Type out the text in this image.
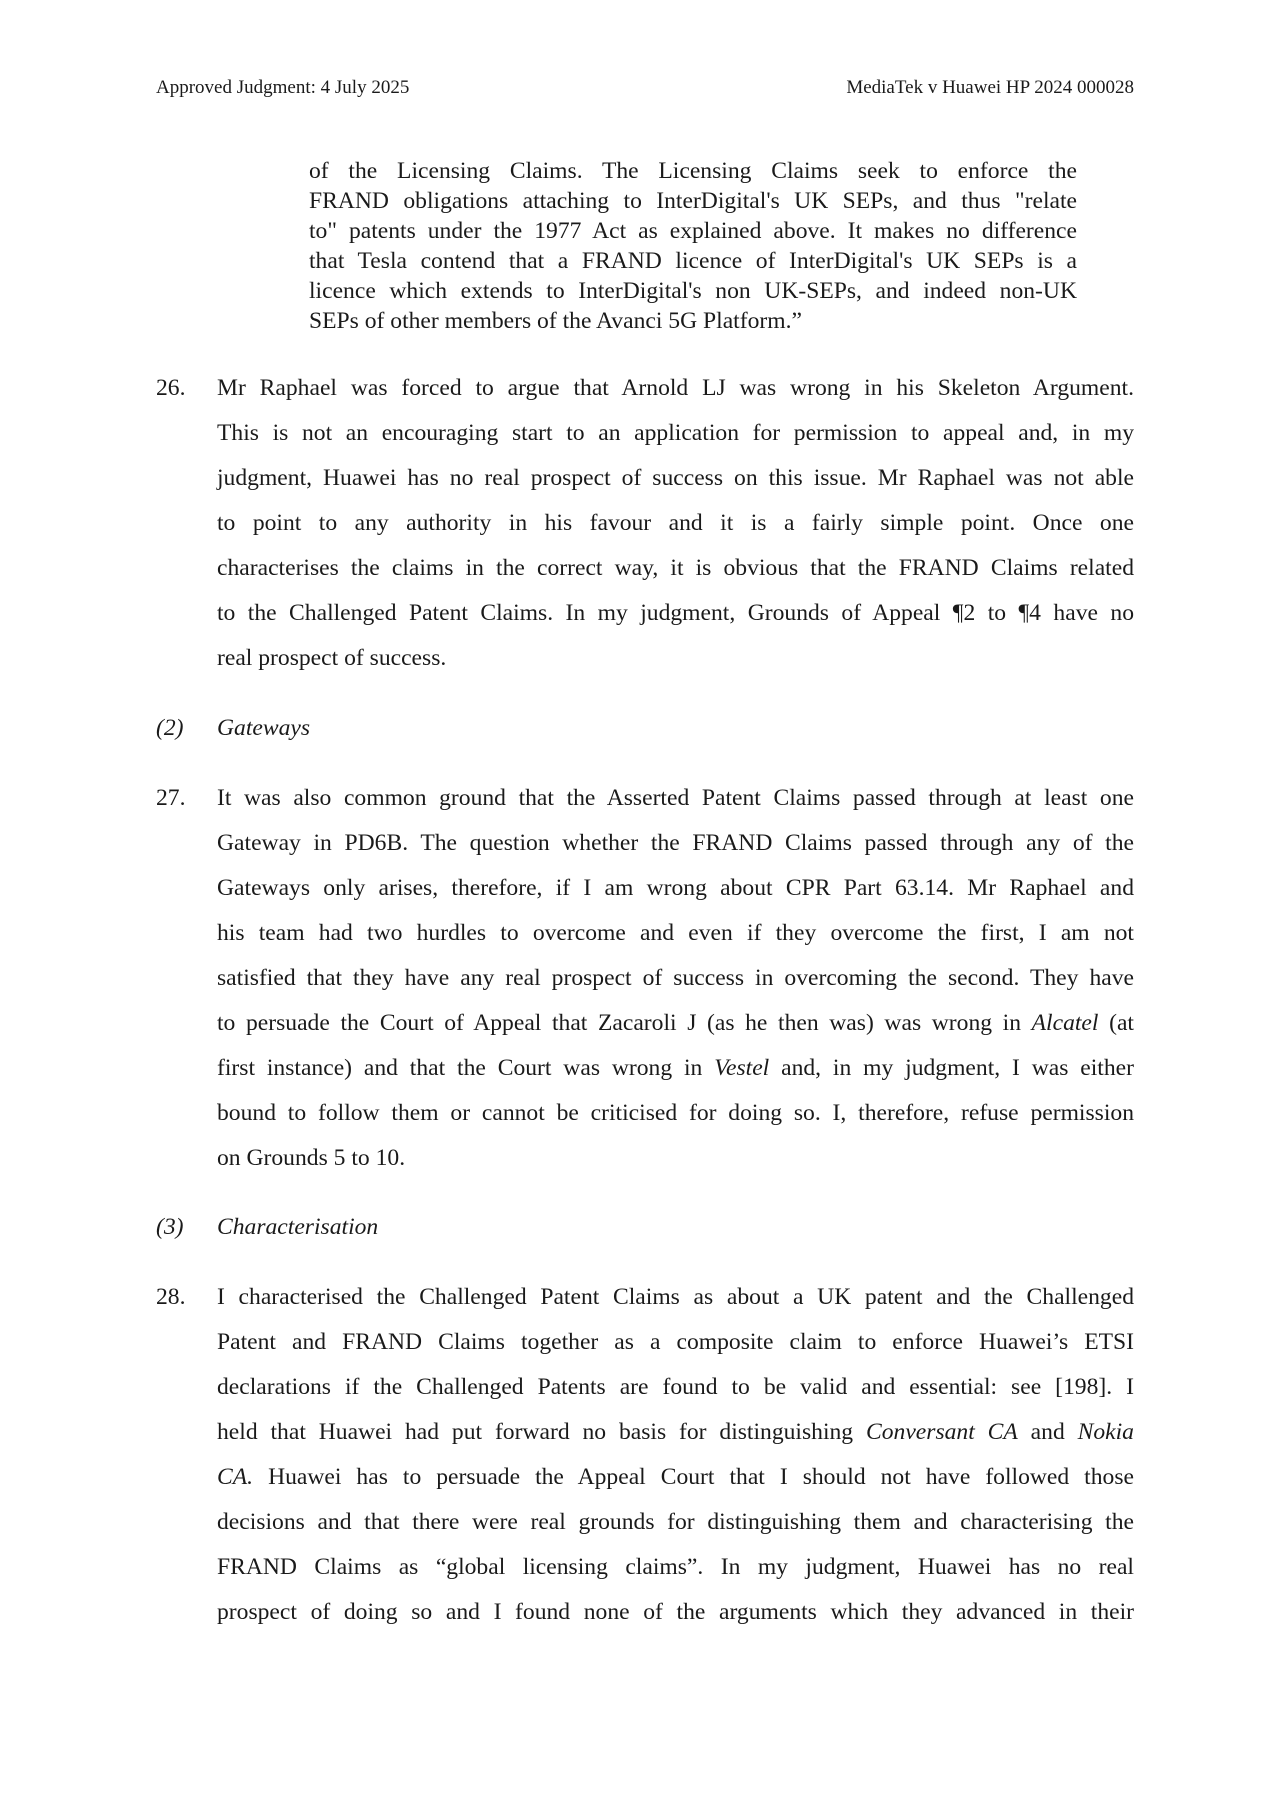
Approved Judgment: 4 July 2025	MediaTek v Huawei HP 2024 000028
of the Licensing Claims. The Licensing Claims seek to enforce the
FRAND obligations attaching to InterDigital's UK SEPs, and thus "relate
to" patents under the 1977 Act as explained above. It makes no difference
that Tesla contend that a FRAND licence of InterDigital's UK SEPs is a
licence which extends to InterDigital's non UK-SEPs, and indeed non-UK
SEPs of other members of the Avanci 5G Platform.”
26. Mr Raphael was forced to argue that Arnold LJ was wrong in his Skeleton Argument.
This is not an encouraging start to an application for permission to appeal and, in my
judgment, Huawei has no real prospect of success on this issue. Mr Raphael was not able
to point to any authority in his favour and it is a fairly simple point. Once one
characterises the claims in the correct way, it is obvious that the FRAND Claims related
to the Challenged Patent Claims. In my judgment, Grounds of Appeal ¶2 to ¶4 have no
real prospect of success.
(2) Gateways
27. It was also common ground that the Asserted Patent Claims passed through at least one
Gateway in PD6B. The question whether the FRAND Claims passed through any of the
Gateways only arises, therefore, if I am wrong about CPR Part 63.14. Mr Raphael and
his team had two hurdles to overcome and even if they overcome the first, I am not
satisfied that they have any real prospect of success in overcoming the second. They have
to persuade the Court of Appeal that Zacaroli J (as he then was) was wrong in Alcatel (at
first instance) and that the Court was wrong in Vestel and, in my judgment, I was either
bound to follow them or cannot be criticised for doing so. I, therefore, refuse permission
on Grounds 5 to 10.
(3) Characterisation
28. I characterised the Challenged Patent Claims as about a UK patent and the Challenged
Patent and FRAND Claims together as a composite claim to enforce Huawei’s ETSI
declarations if the Challenged Patents are found to be valid and essential: see [198]. I
held that Huawei had put forward no basis for distinguishing Conversant CA and Nokia
CA. Huawei has to persuade the Appeal Court that I should not have followed those
decisions and that there were real grounds for distinguishing them and characterising the
FRAND Claims as “global licensing claims”. In my judgment, Huawei has no real
prospect of doing so and I found none of the arguments which they advanced in their
